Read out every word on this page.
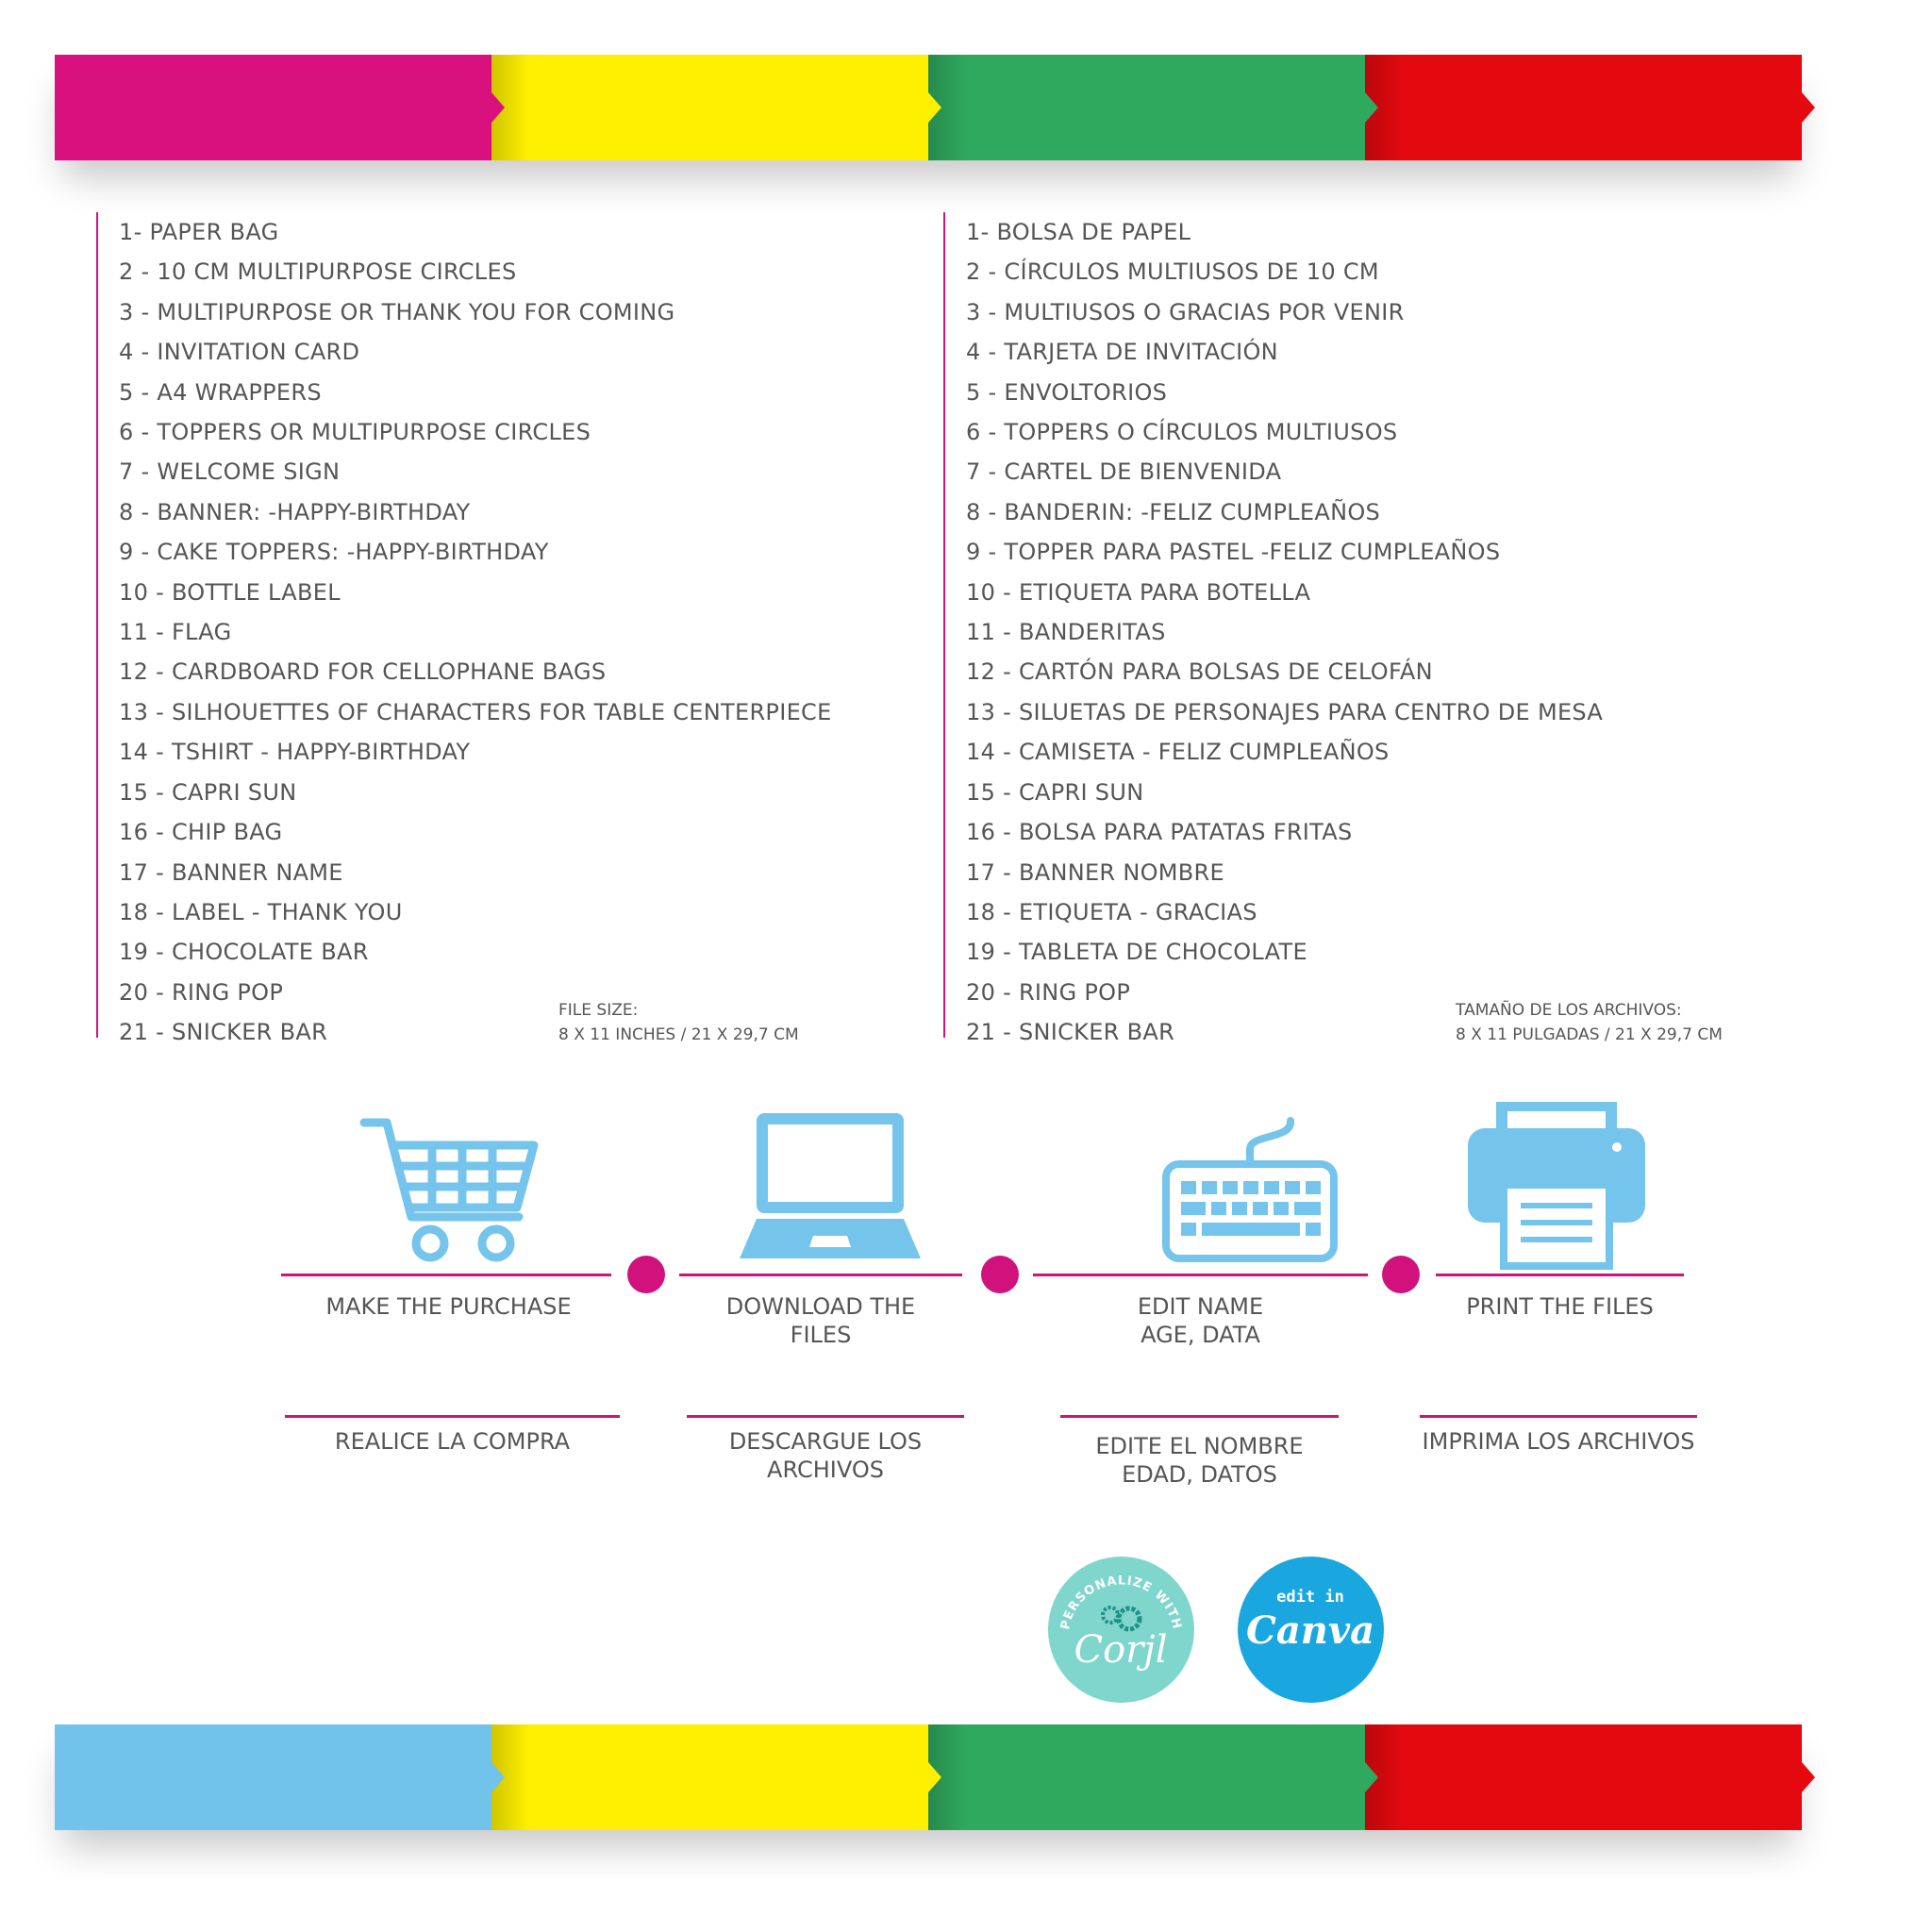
1- PAPER BAG
2 - 10 CM MULTIPURPOSE CIRCLES
3 - MULTIPURPOSE OR THANK YOU FOR COMING
4 - INVITATION CARD
5 - A4 WRAPPERS
6 - TOPPERS OR MULTIPURPOSE CIRCLES
7 - WELCOME SIGN
8 - BANNER: -HAPPY-BIRTHDAY
9 - CAKE TOPPERS: -HAPPY-BIRTHDAY
10 - BOTTLE LABEL
11 - FLAG
12 - CARDBOARD FOR CELLOPHANE BAGS
13 - SILHOUETTES OF CHARACTERS FOR TABLE CENTERPIECE
14 - TSHIRT - HAPPY-BIRTHDAY
15 - CAPRI SUN
16 - CHIP BAG
17 - BANNER NAME
18 - LABEL - THANK YOU
19 - CHOCOLATE BAR
20 - RING POP
21 - SNICKER BAR
FILE SIZE:
8 X 11 INCHES / 21 X 29,7 CM
1- BOLSA DE PAPEL
2 - CÍRCULOS MULTIUSOS DE 10 CM
3 - MULTIUSOS O GRACIAS POR VENIR
4 - TARJETA DE INVITACIÓN
5 - ENVOLTORIOS
6 - TOPPERS O CÍRCULOS MULTIUSOS
7 - CARTEL DE BIENVENIDA
8 - BANDERIN: -FELIZ CUMPLEAÑOS
9 - TOPPER PARA PASTEL -FELIZ CUMPLEAÑOS
10 - ETIQUETA PARA BOTELLA
11 - BANDERITAS
12 - CARTÓN PARA BOLSAS DE CELOFÁN
13 - SILUETAS DE PERSONAJES PARA CENTRO DE MESA
14 - CAMISETA - FELIZ CUMPLEAÑOS
15 - CAPRI SUN
16 - BOLSA PARA PATATAS FRITAS
17 - BANNER NOMBRE
18 - ETIQUETA - GRACIAS
19 - TABLETA DE CHOCOLATE
20 - RING POP
21 - SNICKER BAR
TAMAÑO DE LOS ARCHIVOS:
8 X 11 PULGADAS / 21 X 29,7 CM
MAKE THE PURCHASE	DOWNLOAD THE
FILES
EDIT NAME
AGE, DATA
PRINT THE FILES
REALICE LA COMPRA	DESCARGUE LOS
ARCHIVOS
EDITE EL NOMBRE
EDAD, DATOS
IMPRIMA LOS ARCHIVOS
PERSONALIZE WITH
Corjl
edit in
Canva
